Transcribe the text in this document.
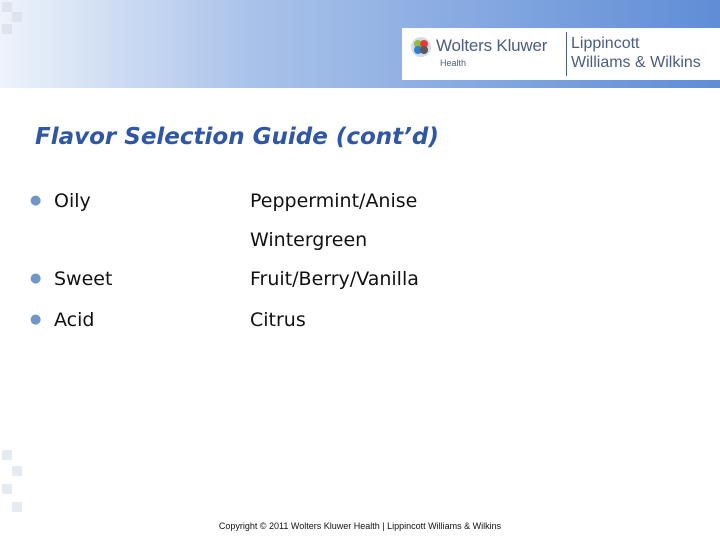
Wolters Kluwer
Health
Lippincott
Williams & Wilkins
Flavor Selection Guide (cont’d)
● Oily	Peppermint/Anise
Wintergreen
● Sweet	Fruit/Berry/Vanilla
● Acid	Citrus
Copyright © 2011 Wolters Kluwer Health | Lippincott Williams & Wilkins
